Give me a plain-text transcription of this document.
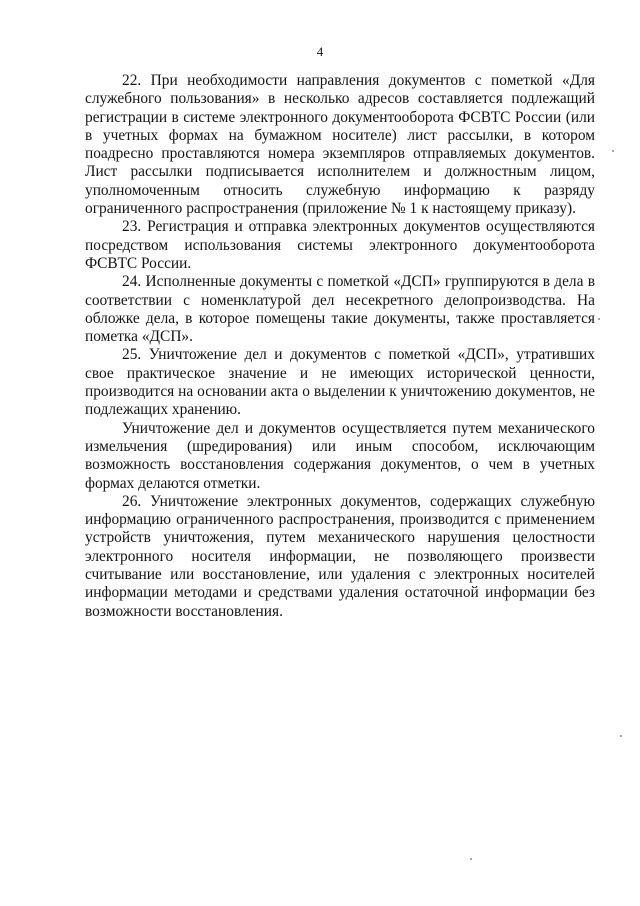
4

22. При необходимости направления документов с пометкой «Для служебного пользования» в несколько адресов составляется подлежащий регистрации в системе электронного документооборота ФСВТС России (или в учетных формах на бумажном носителе) лист рассылки, в котором поадресно проставляются номера экземпляров отправляемых документов. Лист рассылки подписывается исполнителем и должностным лицом, уполномоченным относить служебную информацию к разряду ограниченного распространения (приложение № 1 к настоящему приказу).

23. Регистрация и отправка электронных документов осуществляются посредством использования системы электронного документооборота ФСВТС России.

24. Исполненные документы с пометкой «ДСП» группируются в дела в соответствии с номенклатурой дел несекретного делопроизводства. На обложке дела, в которое помещены такие документы, также проставляется пометка «ДСП».

25. Уничтожение дел и документов с пометкой «ДСП», утративших свое практическое значение и не имеющих исторической ценности, производится на основании акта о выделении к уничтожению документов, не подлежащих хранению.

Уничтожение дел и документов осуществляется путем механического измельчения (шредирования) или иным способом, исключающим возможность восстановления содержания документов, о чем в учетных формах делаются отметки.

26. Уничтожение электронных документов, содержащих служебную информацию ограниченного распространения, производится с применением устройств уничтожения, путем механического нарушения целостности электронного носителя информации, не позволяющего произвести считывание или восстановление, или удаления с электронных носителей информации методами и средствами удаления остаточной информации без возможности восстановления.
